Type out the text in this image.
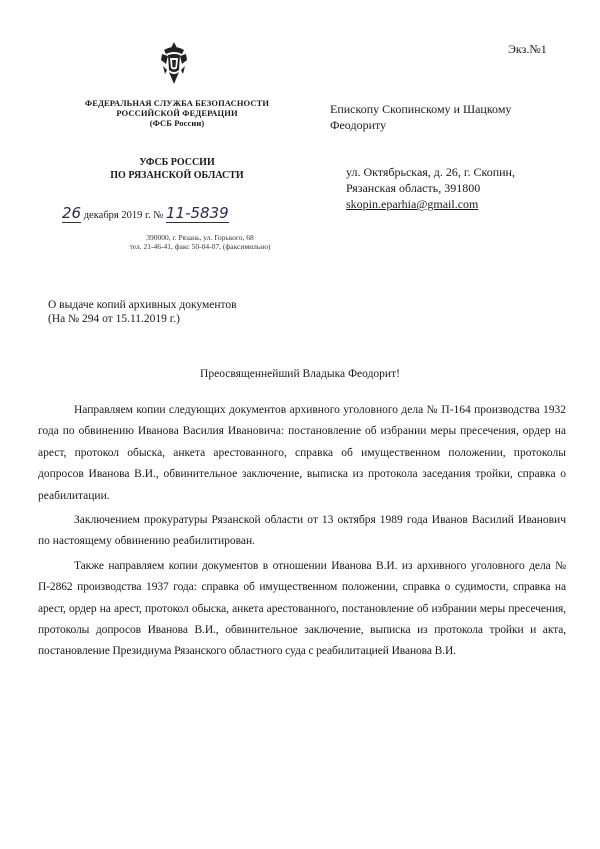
Экз.№1
ФЕДЕРАЛЬНАЯ СЛУЖБА БЕЗОПАСНОСТИ
РОССИЙСКОЙ ФЕДЕРАЦИИ
(ФСБ России)
УФСБ РОССИИ
ПО РЯЗАНСКОЙ ОБЛАСТИ
26 декабря 2019 г. № 11-5839
390000, г. Рязань, ул. Горького, 68
тел. 21-46-41, факс 50-04-07, (факсимильно)
Епископу Скопинскому и Шацкому
Феодориту
ул. Октябрьская, д. 26, г. Скопин,
Рязанская область, 391800
skopin.eparhia@gmail.com
О выдаче копий архивных документов
(На № 294 от 15.11.2019 г.)
Преосвященнейший Владыка Феодорит!

Направляем копии следующих документов архивного уголовного дела № П-164 производства 1932 года по обвинению Иванова Василия Ивановича: постановление об избрании меры пресечения, ордер на арест, протокол обыска, анкета арестованного, справка об имущественном положении, протоколы допросов Иванова В.И., обвинительное заключение, выписка из протокола заседания тройки, справка о реабилитации.

Заключением прокуратуры Рязанской области от 13 октября 1989 года Иванов Василий Иванович по настоящему обвинению реабилитирован.

Также направляем копии документов в отношении Иванова В.И. из архивного уголовного дела № П-2862 производства 1937 года: справка об имущественном положении, справка о судимости, справка на арест, ордер на арест, протокол обыска, анкета арестованного, постановление об избрании меры пресечения, протоколы допросов Иванова В.И., обвинительное заключение, выписка из протокола тройки и акта, постановление Президиума Рязанского областного суда с реабилитацией Иванова В.И.
